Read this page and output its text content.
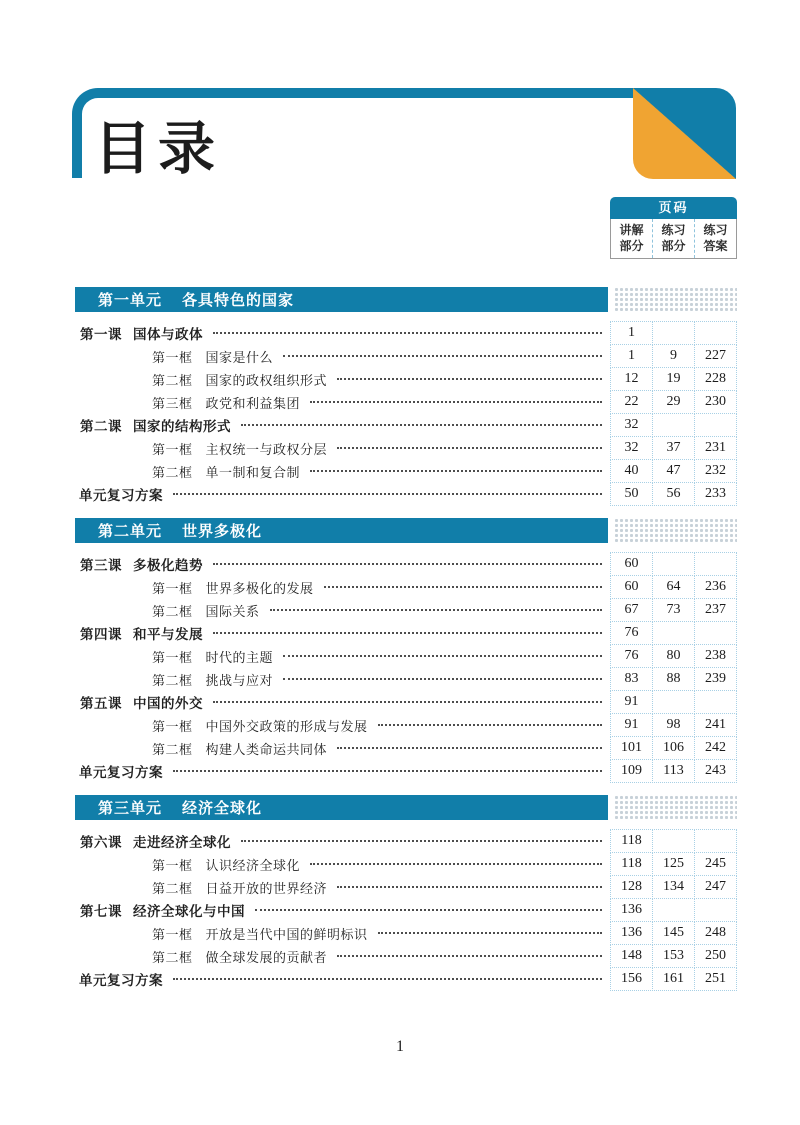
目录
页码
讲解部分
练习部分
练习答案
第一单元 各具特色的国家
第一课 国体与政体	1
第一框 国家是什么	1	9	227
第二框 国家的政权组织形式	12	19	228
第三框 政党和利益集团	22	29	230
第二课 国家的结构形式	32
第一框 主权统一与政权分层	32	37	231
第二框 单一制和复合制	40	47	232
单元复习方案	50	56	233
第二单元 世界多极化
第三课 多极化趋势	60
第一框 世界多极化的发展	60	64	236
第二框 国际关系	67	73	237
第四课 和平与发展	76
第一框 时代的主题	76	80	238
第二框 挑战与应对	83	88	239
第五课 中国的外交	91
第一框 中国外交政策的形成与发展	91	98	241
第二框 构建人类命运共同体	101	106	242
单元复习方案	109	113	243
第三单元 经济全球化
第六课 走进经济全球化	118
第一框 认识经济全球化	118	125	245
第二框 日益开放的世界经济	128	134	247
第七课 经济全球化与中国	136
第一框 开放是当代中国的鲜明标识	136	145	248
第二框 做全球发展的贡献者	148	153	250
单元复习方案	156	161	251
1
